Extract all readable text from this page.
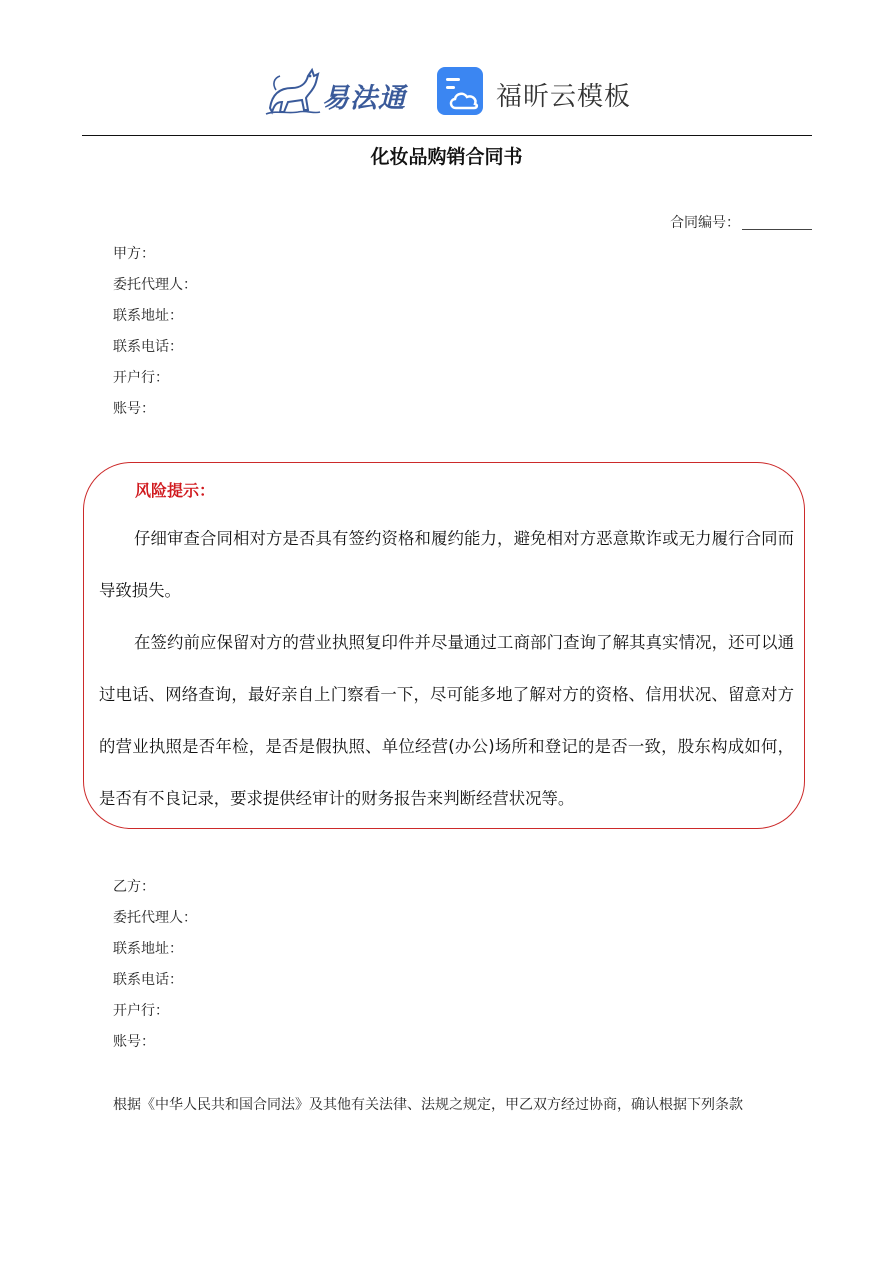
易法通	福昕云模板
化妆品购销合同书
合同编号：
甲方：
委托代理人：
联系地址：
联系电话：
开户行：
账号：
风险提示：
仔细审查合同相对方是否具有签约资格和履约能力，避免相对方恶意欺诈或无力履行合同而导致损失。
在签约前应保留对方的营业执照复印件并尽量通过工商部门查询了解其真实情况，还可以通过电话、网络查询，最好亲自上门察看一下，尽可能多地了解对方的资格、信用状况、留意对方的营业执照是否年检，是否是假执照、单位经营(办公)场所和登记的是否一致，股东构成如何，是否有不良记录，要求提供经审计的财务报告来判断经营状况等。
乙方：
委托代理人：
联系地址：
联系电话：
开户行：
账号：
根据《中华人民共和国合同法》及其他有关法律、法规之规定，甲乙双方经过协商，确认根据下列条款
